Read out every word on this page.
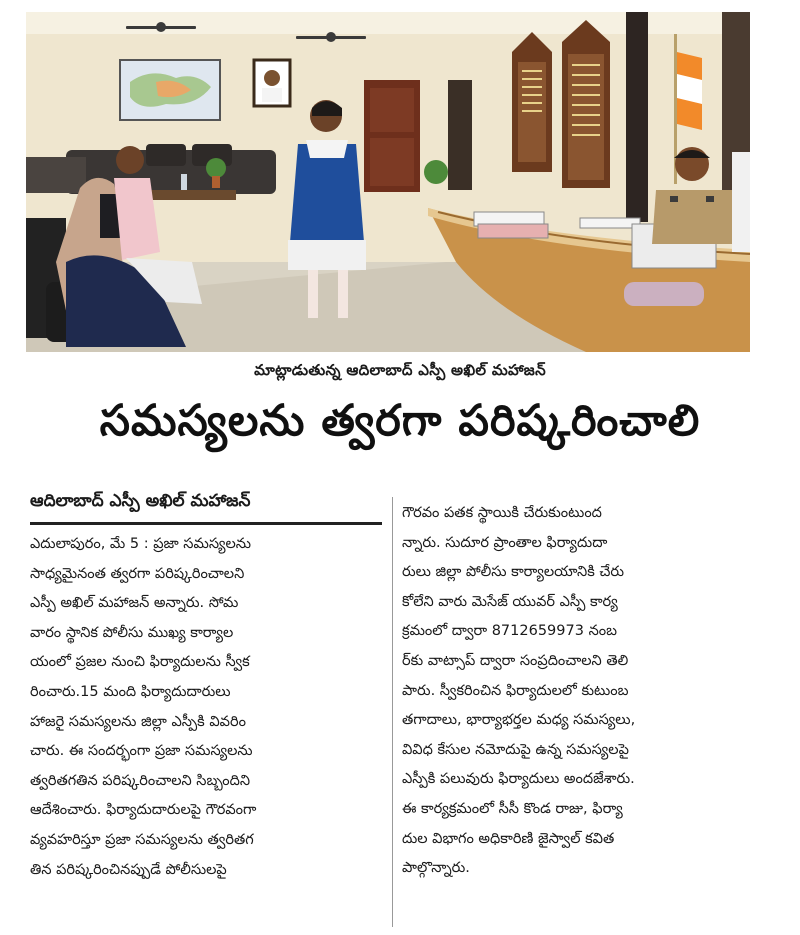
మాట్లాడుతున్న ఆదిలాబాద్ ఎస్పీ అఖిల్ మహాజన్
సమస్యలను త్వరగా పరిష్కరించాలి
ఆదిలాబాద్ ఎస్పీ అఖిల్ మహాజన్
ఎదులాపురం, మే 5 : ప్రజా సమస్యలను
సాధ్యమైనంత త్వరగా పరిష్కరించాలని
ఎస్పీ అఖిల్ మహాజన్ అన్నారు. సోమ
వారం స్థానిక పోలీసు ముఖ్య కార్యాల
యంలో ప్రజల నుంచి ఫిర్యాదులను స్వీక
రించారు.15 మంది ఫిర్యాదుదారులు
హాజరై సమస్యలను జిల్లా ఎస్పీకి వివరిం
చారు. ఈ సందర్భంగా ప్రజా సమస్యలను
త్వరితగతిన పరిష్కరించాలని సిబ్బందిని
ఆదేశించారు. ఫిర్యాదుదారులపై గౌరవంగా
వ్యవహరిస్తూ ప్రజా సమస్యలను త్వరితగ
తిన పరిష్కరించినప్పుడే పోలీసులపై
గౌరవం పతక స్థాయికి చేరుకుంటుంద
న్నారు. సుదూర ప్రాంతాల ఫిర్యాదుదా
రులు జిల్లా పోలీసు కార్యాలయానికి చేరు
కోలేని వారు మెసేజ్ యువర్ ఎస్పీ కార్య
క్రమంలో ద్వారా 8712659973 నంబ
ర్‌కు వాట్సాప్ ద్వారా సంప్రదించాలని తెలి
పారు. స్వీకరించిన ఫిర్యాదులలో కుటుంబ
తగాదాలు, భార్యాభర్తల మధ్య సమస్యలు,
వివిధ కేసుల నమోదుపై ఉన్న సమస్యలపై
ఎస్పీకి పలువురు ఫిర్యాదులు అందజేశారు.
ఈ కార్యక్రమంలో సీసీ కొండ రాజు, ఫిర్యా
దుల విభాగం అధికారిణి జైస్వాల్ కవిత
పాల్గొన్నారు.
